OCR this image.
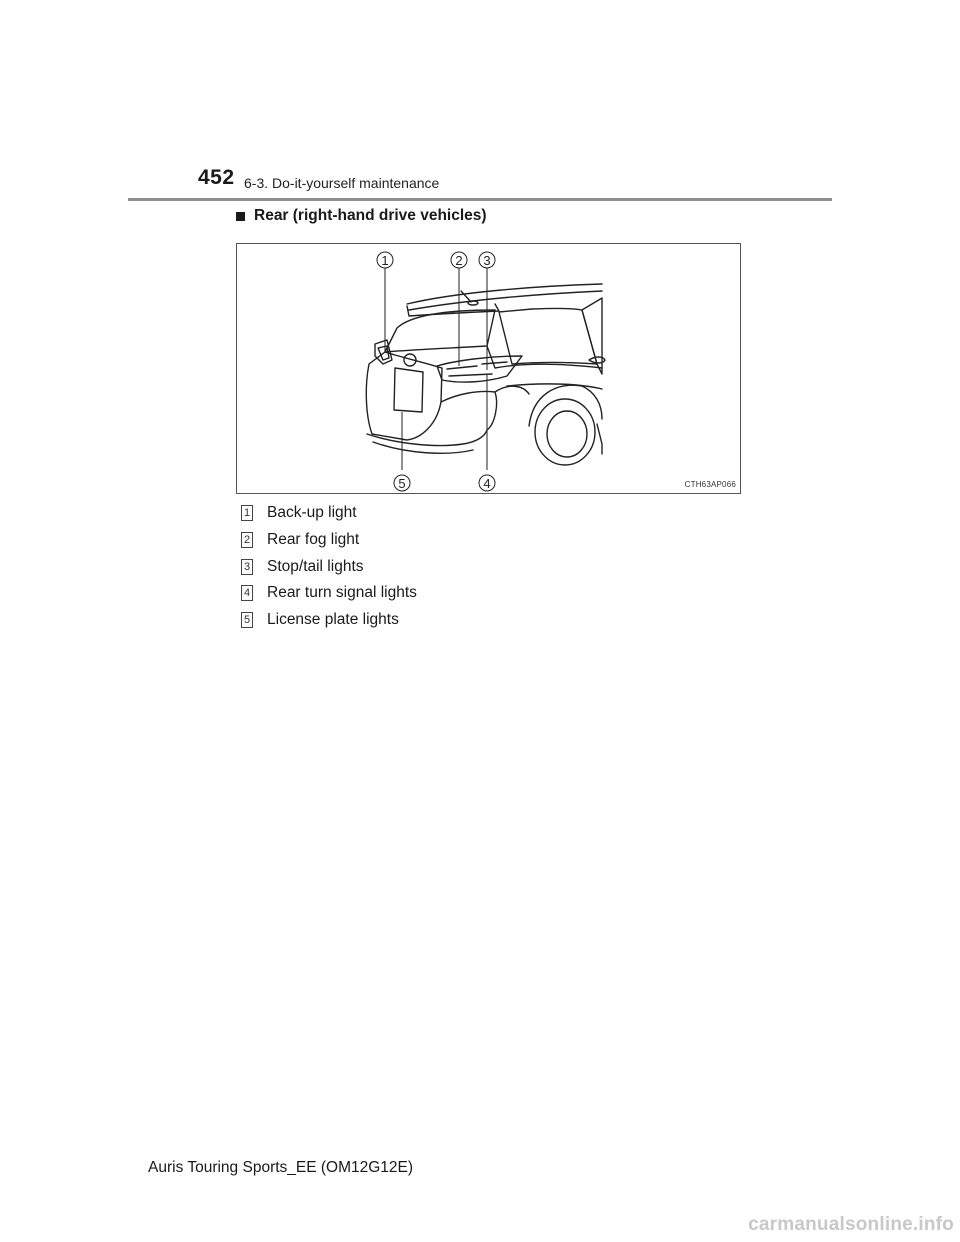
452 6-3. Do-it-yourself maintenance
Rear (right-hand drive vehicles)
1	2 3
4
5	CTH63AP066
1 Back-up light
2 Rear fog light
3 Stop/tail lights
4 Rear turn signal lights
5 License plate lights
Auris Touring Sports_EE (OM12G12E)
carmanualsonline.info
